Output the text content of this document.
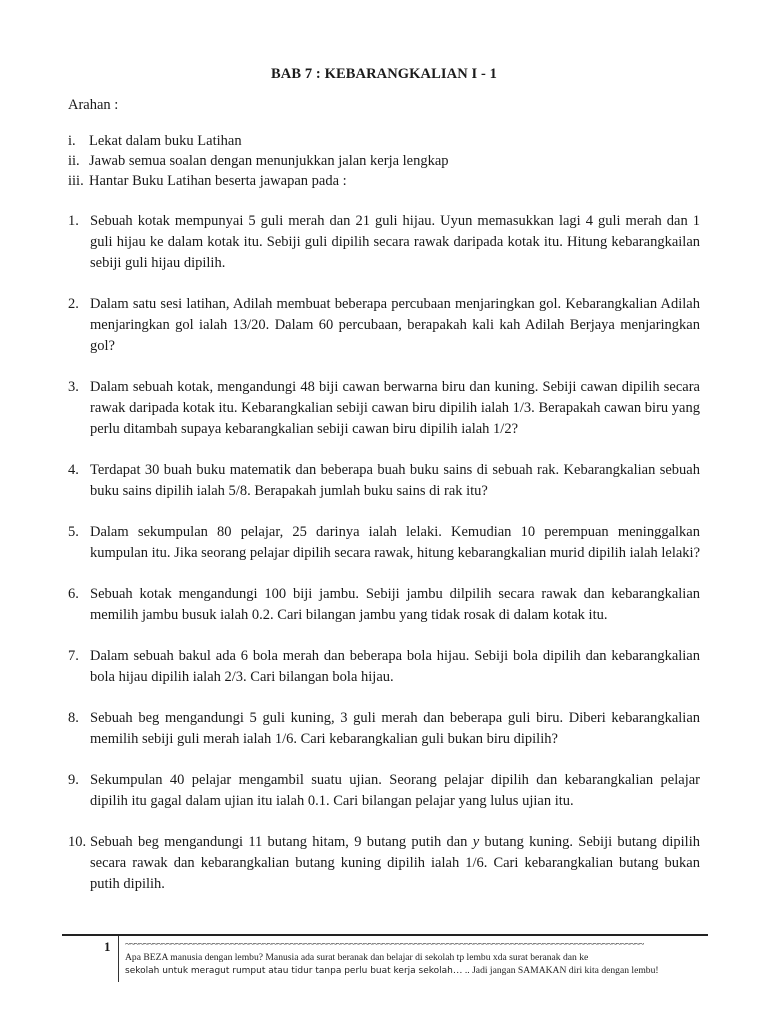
BAB 7 : KEBARANGKALIAN I - 1
Arahan :
i. Lekat dalam buku Latihan
ii. Jawab semua soalan dengan menunjukkan jalan kerja lengkap
iii. Hantar Buku Latihan beserta jawapan pada :
1. Sebuah kotak mempunyai 5 guli merah dan 21 guli hijau. Uyun memasukkan lagi 4 guli merah dan 1 guli hijau ke dalam kotak itu. Sebiji guli dipilih secara rawak daripada kotak itu. Hitung kebarangkailan sebiji guli hijau dipilih.
2. Dalam satu sesi latihan, Adilah membuat beberapa percubaan menjaringkan gol. Kebarangkalian Adilah menjaringkan gol ialah 13/20. Dalam 60 percubaan, berapakah kali kah Adilah Berjaya menjaringkan gol?
3. Dalam sebuah kotak, mengandungi 48 biji cawan berwarna biru dan kuning. Sebiji cawan dipilih secara rawak daripada kotak itu. Kebarangkalian sebiji cawan biru dipilih ialah 1/3. Berapakah cawan biru yang perlu ditambah supaya kebarangkalian sebiji cawan biru dipilih ialah 1/2?
4. Terdapat 30 buah buku matematik dan beberapa buah buku sains di sebuah rak. Kebarangkalian sebuah buku sains dipilih ialah 5/8. Berapakah jumlah buku sains di rak itu?
5. Dalam sekumpulan 80 pelajar, 25 darinya ialah lelaki. Kemudian 10 perempuan meninggalkan kumpulan itu. Jika seorang pelajar dipilih secara rawak, hitung kebarangkalian murid dipilih ialah lelaki?
6. Sebuah kotak mengandungi 100 biji jambu. Sebiji jambu dilpilih secara rawak dan kebarangkalian memilih jambu busuk ialah 0.2. Cari bilangan jambu yang tidak rosak di dalam kotak itu.
7. Dalam sebuah bakul ada 6 bola merah dan beberapa bola hijau. Sebiji bola dipilih dan kebarangkalian bola hijau dipilih ialah 2/3. Cari bilangan bola hijau.
8. Sebuah beg mengandungi 5 guli kuning, 3 guli merah dan beberapa guli biru. Diberi kebarangkalian memilih sebiji guli merah ialah 1/6. Cari kebarangkalian guli bukan biru dipilih?
9. Sekumpulan 40 pelajar mengambil suatu ujian. Seorang pelajar dipilih dan kebarangkalian pelajar dipilih itu gagal dalam ujian itu ialah 0.1. Cari bilangan pelajar yang lulus ujian itu.
10. Sebuah beg mengandungi 11 butang hitam, 9 butang putih dan y butang kuning. Sebiji butang dipilih secara rawak dan kebarangkalian butang kuning dipilih ialah 1/6. Cari kebarangkalian butang bukan putih dipilih.
1 ~~~~~~~~~~~~~~~~~~~~~~~~~~~~~~~~~~~~~~~~~~~~~~~~~~~~~~~~~~~~~~~~~~~~~~~~~~~~~~~~~~~~~~~~~~~~~~~~~~~~~~~~~~~~~~~~~
Apa BEZA manusia dengan lembu? Manusia ada surat beranak dan belajar di sekolah tp lembu xda surat beranak dan ke
sekolah untuk meragut rumput atau tidur tanpa perlu buat kerja sekolah… .. Jadi jangan SAMAKAN diri kita dengan lembu!
